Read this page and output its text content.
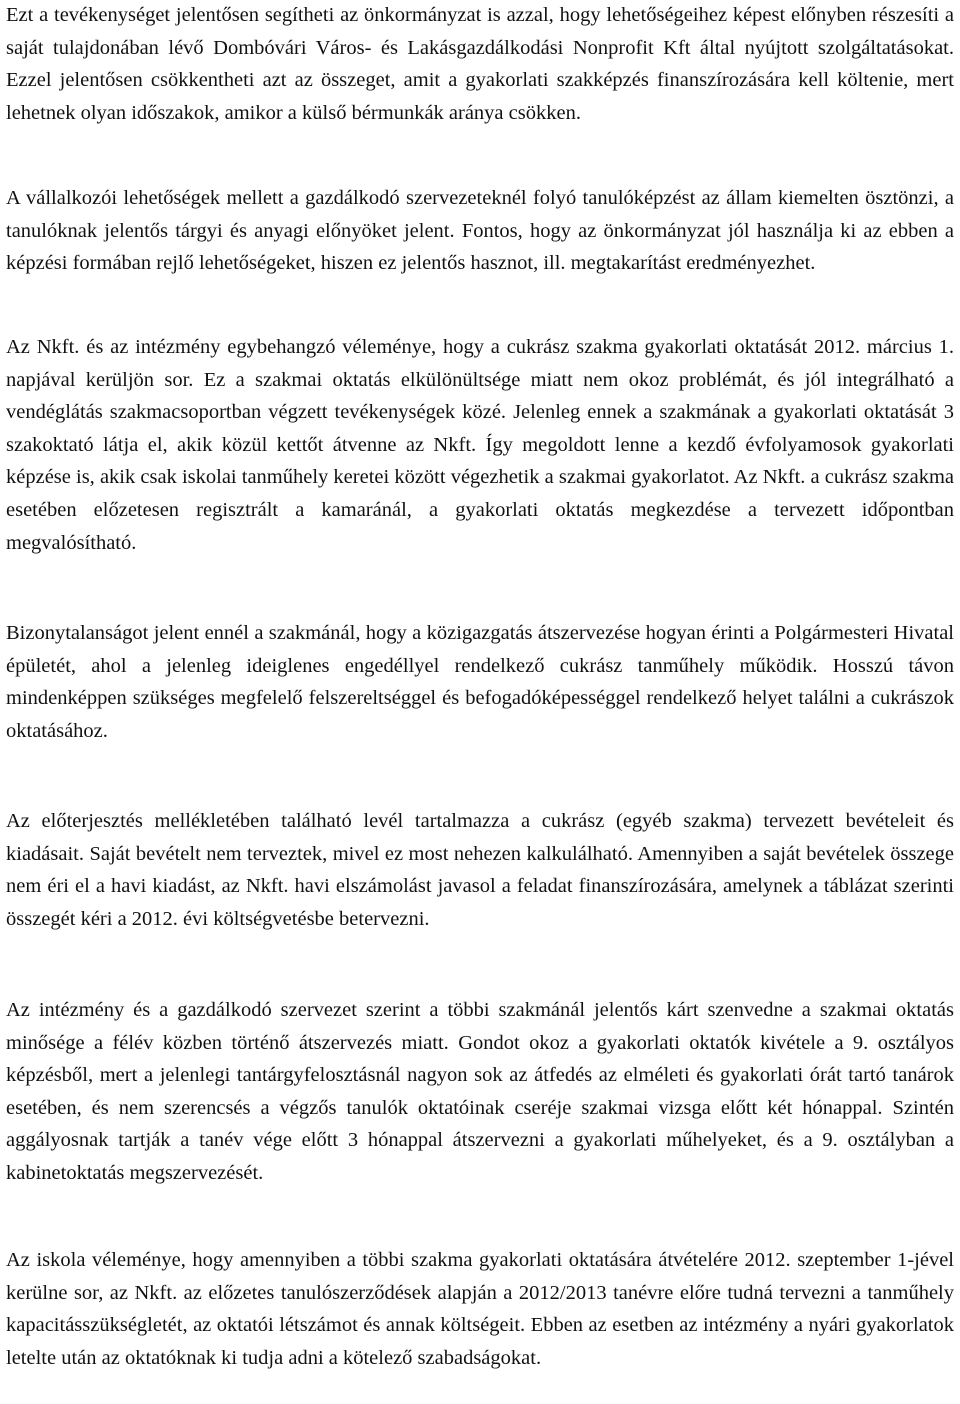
Ezt a tevékenységet jelentősen segítheti az önkormányzat is azzal, hogy lehetőségeihez képest előnyben részesíti a saját tulajdonában lévő Dombóvári Város- és Lakásgazdálkodási Nonprofit Kft által nyújtott szolgáltatásokat. Ezzel jelentősen csökkentheti azt az összeget, amit a gyakorlati szakképzés finanszírozására kell költenie, mert lehetnek olyan időszakok, amikor a külső bérmunkák aránya csökken.

A vállalkozói lehetőségek mellett a gazdálkodó szervezeteknél folyó tanulóképzést az állam kiemelten ösztönzi, a tanulóknak jelentős tárgyi és anyagi előnyöket jelent. Fontos, hogy az önkormányzat jól használja ki az ebben a képzési formában rejlő lehetőségeket, hiszen ez jelentős hasznot, ill. megtakarítást eredményezhet.

Az Nkft. és az intézmény egybehangzó véleménye, hogy a cukrász szakma gyakorlati oktatását 2012. március 1. napjával kerüljön sor. Ez a szakmai oktatás elkülönültsége miatt nem okoz problémát, és jól integrálható a vendéglátás szakmacsoportban végzett tevékenységek közé. Jelenleg ennek a szakmának a gyakorlati oktatását 3 szakoktató látja el, akik közül kettőt átvenne az Nkft. Így megoldott lenne a kezdő évfolyamosok gyakorlati képzése is, akik csak iskolai tanműhely keretei között végezhetik a szakmai gyakorlatot. Az Nkft. a cukrász szakma esetében előzetesen regisztrált a kamaránál, a gyakorlati oktatás megkezdése a tervezett időpontban megvalósítható.

Bizonytalanságot jelent ennél a szakmánál, hogy a közigazgatás átszervezése hogyan érinti a Polgármesteri Hivatal épületét, ahol a jelenleg ideiglenes engedéllyel rendelkező cukrász tanműhely működik. Hosszú távon mindenképpen szükséges megfelelő felszereltséggel és befogadóképességgel rendelkező helyet találni a cukrászok oktatásához.

Az előterjesztés mellékletében található levél tartalmazza a cukrász (egyéb szakma) tervezett bevételeit és kiadásait. Saját bevételt nem terveztek, mivel ez most nehezen kalkulálható. Amennyiben a saját bevételek összege nem éri el a havi kiadást, az Nkft. havi elszámolást javasol a feladat finanszírozására, amelynek a táblázat szerinti összegét kéri a 2012. évi költségvetésbe betervezni.

Az intézmény és a gazdálkodó szervezet szerint a többi szakmánál jelentős kárt szenvedne a szakmai oktatás minősége a félév közben történő átszervezés miatt. Gondot okoz a gyakorlati oktatók kivétele a 9. osztályos képzésből, mert a jelenlegi tantárgyfelosztásnál nagyon sok az átfedés az elméleti és gyakorlati órát tartó tanárok esetében, és nem szerencsés a végzős tanulók oktatóinak cseréje szakmai vizsga előtt két hónappal. Szintén aggályosnak tartják a tanév vége előtt 3 hónappal átszervezni a gyakorlati műhelyeket, és a 9. osztályban a kabinetoktatás megszervezését.

Az iskola véleménye, hogy amennyiben a többi szakma gyakorlati oktatására átvételére 2012. szeptember 1-jével kerülne sor, az Nkft. az előzetes tanulószerződések alapján a 2012/2013 tanévre előre tudná tervezni a tanműhely kapacitásszükségletét, az oktatói létszámot és annak költségeit. Ebben az esetben az intézmény a nyári gyakorlatok letelte után az oktatóknak ki tudja adni a kötelező szabadságokat.
